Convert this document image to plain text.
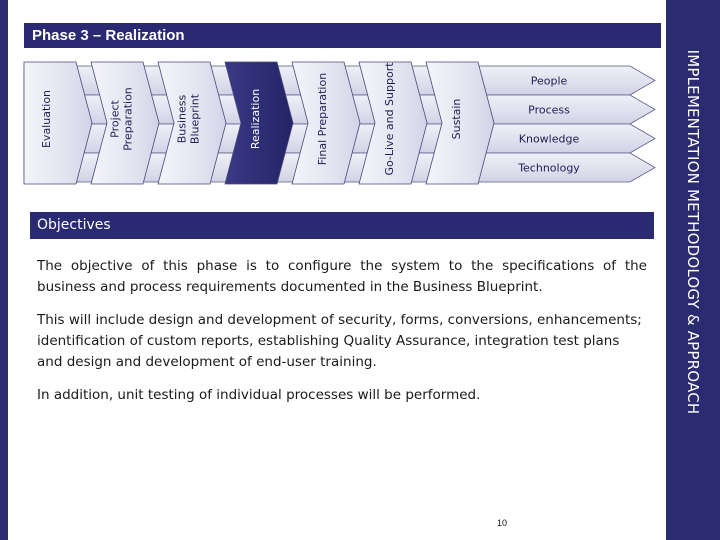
Phase 3 – Realization
IMPLEMENTATION METHODOLOGY & APPROACH
People
Process
Knowledge
Technology
Evaluation	ProjectPreparation	BusinessBlueprint	Realization	Final Preparation	Go-Live and Support	Sustain
Objectives

The objective of this phase is to configure the system to the specifications of the business and process requirements documented in the Business Blueprint.

This will include design and development of security, forms, conversions, enhancements; identification of custom reports, establishing Quality Assurance, integration test plans and design and development of end-user training.

In addition, unit testing of individual processes will be performed.

10
